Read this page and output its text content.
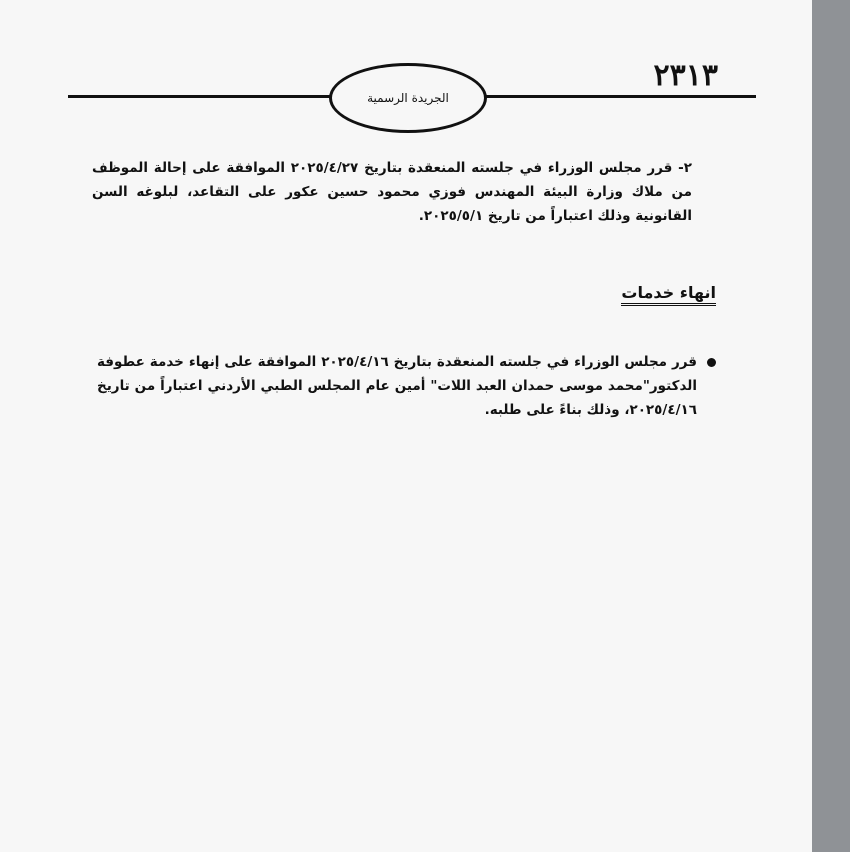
الجريدة الرسمية
٢٣١٣

٢- قرر مجلس الوزراء في جلسته المنعقدة بتاريخ ٢٠٢٥/٤/٢٧ الموافقة على إحالة الموظف من ملاك وزارة البيئة المهندس فوزي محمود حسين عكور على التقاعد، لبلوغه السن القانونية وذلك اعتباراً من تاريخ ٢٠٢٥/٥/١.

انهاء خدمات

قرر مجلس الوزراء في جلسته المنعقدة بتاريخ ٢٠٢٥/٤/١٦ الموافقة على إنهاء خدمة عطوفة الدكتور"محمد موسى حمدان العبد اللات" أمين عام المجلس الطبي الأردني اعتباراً من تاريخ ٢٠٢٥/٤/١٦، وذلك بناءً على طلبه.
